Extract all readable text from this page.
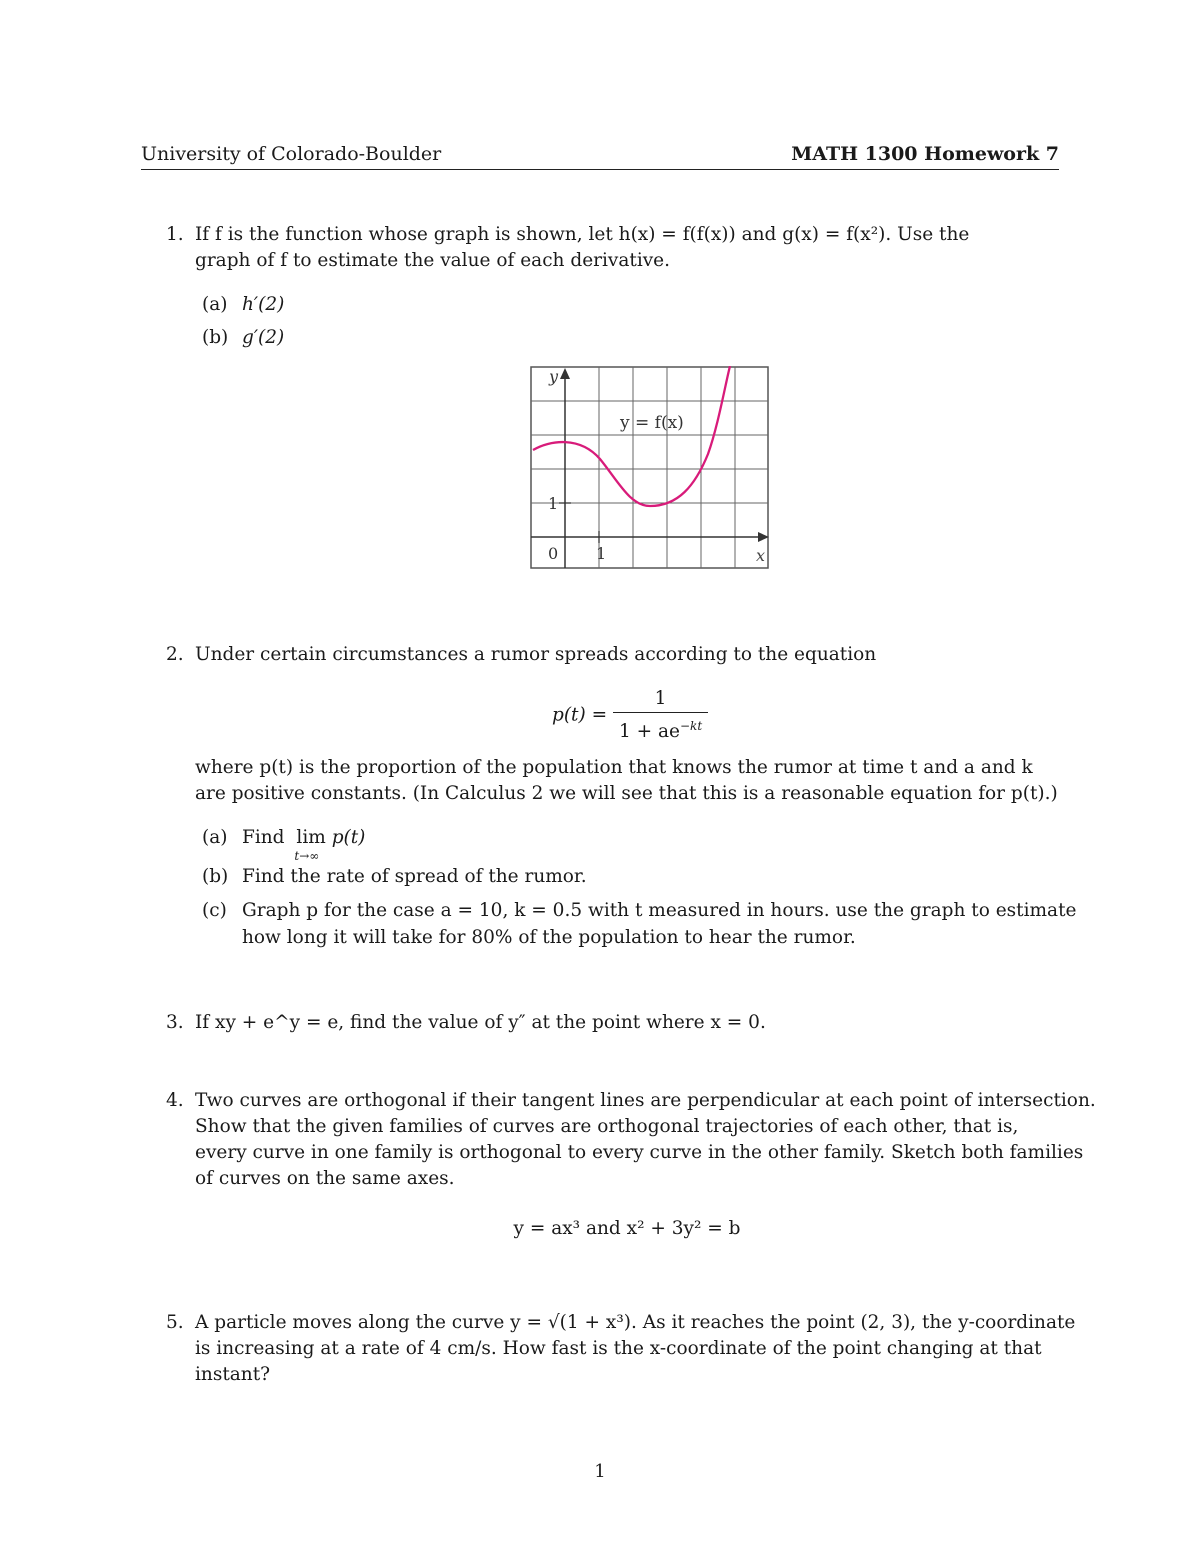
University of Colorado-Boulder	MATH 1300 Homework 7
1. If f is the function whose graph is shown, let h(x) = f(f(x)) and g(x) = f(x²). Use the
graph of f to estimate the value of each derivative.
(a) h′(2)
(b) g′(2)
y
x
y = f(x)
1
1
0
2. Under certain circumstances a rumor spreads according to the equation
$p(t) = \frac{1}{1 + ae^{-kt}}$
where p(t) is the proportion of the population that knows the rumor at time t and a and k
are positive constants. (In Calculus 2 we will see that this is a reasonable equation for p(t).)
(a) Find lim
t→∞
p(t)
(b) Find the rate of spread of the rumor.
(c) Graph p for the case a = 10, k = 0.5 with t measured in hours. use the graph to estimate
how long it will take for 80% of the population to hear the rumor.
3. If xy + e^y = e, find the value of y″ at the point where x = 0.
4. Two curves are orthogonal if their tangent lines are perpendicular at each point of intersection.
Show that the given families of curves are orthogonal trajectories of each other, that is,
every curve in one family is orthogonal to every curve in the other family. Sketch both families
of curves on the same axes.
y = ax³ and x² + 3y² = b
5. A particle moves along the curve y = √(1 + x³). As it reaches the point (2, 3), the y-coordinate
is increasing at a rate of 4 cm/s. How fast is the x-coordinate of the point changing at that
instant?
1
